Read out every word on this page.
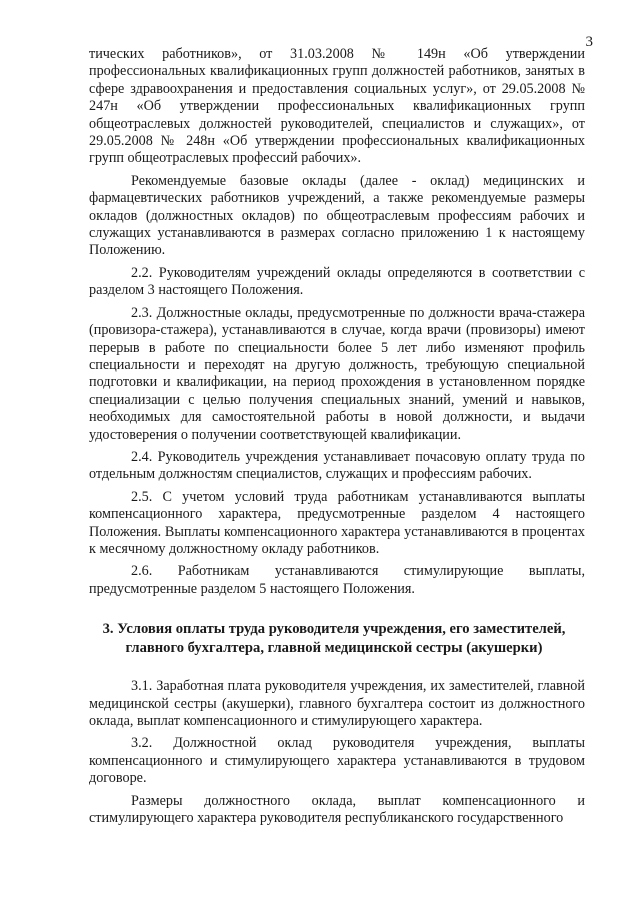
3

тических работников», от 31.03.2008 № 149н «Об утверждении профессиональных квалификационных групп должностей работников, занятых в сфере здравоохранения и предоставления социальных услуг», от 29.05.2008 № 247н «Об утверждении профессиональных квалификационных групп общеотраслевых должностей руководителей, специалистов и служащих», от 29.05.2008 № 248н «Об утверждении профессиональных квалификационных групп общеотраслевых профессий рабочих».

Рекомендуемые базовые оклады (далее - оклад) медицинских и фармацевтических работников учреждений, а также рекомендуемые размеры окладов (должностных окладов) по общеотраслевым профессиям рабочих и служащих устанавливаются в размерах согласно приложению 1 к настоящему Положению.

2.2. Руководителям учреждений оклады определяются в соответствии с разделом 3 настоящего Положения.

2.3. Должностные оклады, предусмотренные по должности врача-стажера (провизора-стажера), устанавливаются в случае, когда врачи (провизоры) имеют перерыв в работе по специальности более 5 лет либо изменяют профиль специальности и переходят на другую должность, требующую специальной подготовки и квалификации, на период прохождения в установленном порядке специализации с целью получения специальных знаний, умений и навыков, необходимых для самостоятельной работы в новой должности, и выдачи удостоверения о получении соответствующей квалификации.

2.4. Руководитель учреждения устанавливает почасовую оплату труда по отдельным должностям специалистов, служащих и профессиям рабочих.

2.5. С учетом условий труда работникам устанавливаются выплаты компенсационного характера, предусмотренные разделом 4 настоящего Положения. Выплаты компенсационного характера устанавливаются в процентах к месячному должностному окладу работников.

2.6. Работникам устанавливаются стимулирующие выплаты, предусмотренные разделом 5 настоящего Положения.

3. Условия оплаты труда руководителя учреждения, его заместителей, главного бухгалтера, главной медицинской сестры (акушерки)

3.1. Заработная плата руководителя учреждения, их заместителей, главной медицинской сестры (акушерки), главного бухгалтера состоит из должностного оклада, выплат компенсационного и стимулирующего характера.

3.2. Должностной оклад руководителя учреждения, выплаты компенсационного и стимулирующего характера устанавливаются в трудовом договоре.

Размеры должностного оклада, выплат компенсационного и стимулирующего характера руководителя республиканского государственного
